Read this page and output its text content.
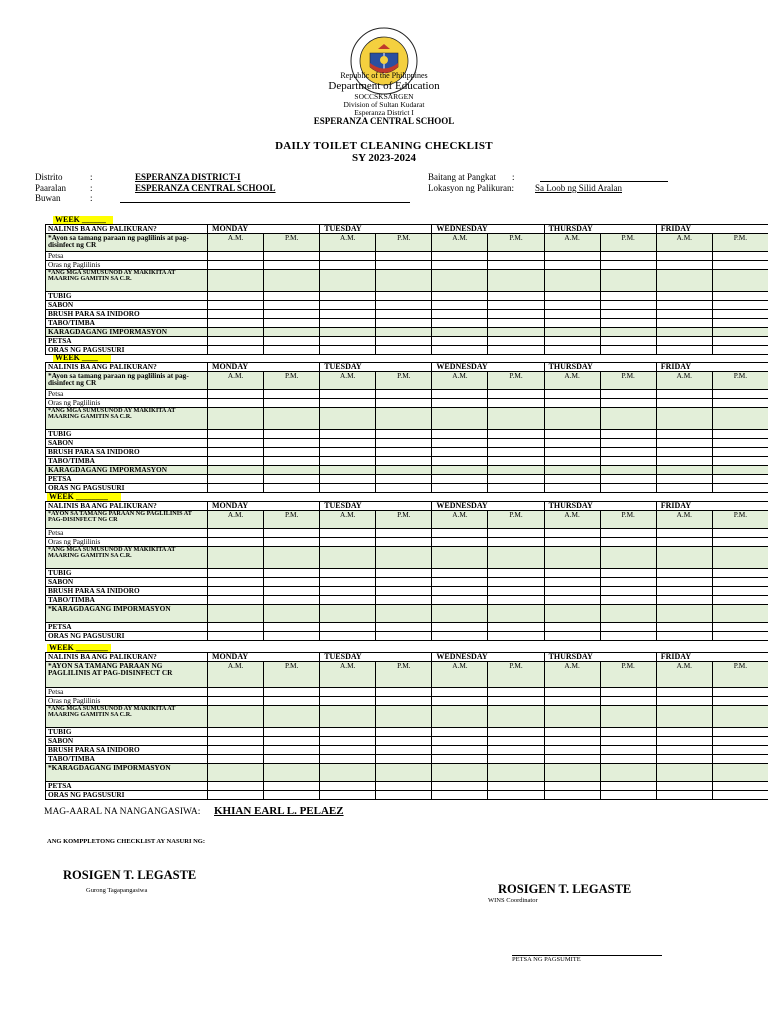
Republic of the Philippines
Department of Education
SOCCSKSARGEN
Division of Sultan Kudarat
Esperanza District I
ESPERANZA CENTRAL SCHOOL
DAILY TOILET CLEANING CHECKLIST
SY 2023-2024
Distrito	:	ESPERANZA DISTRICT-I
Paaralan	:	ESPERANZA CENTRAL SCHOOL
Buwan	:
Baitang at Pangkat :
Lokasyon ng Palikuran: Sa Loob ng Silid Aralan
WEEK ______
WEEK ____
WEEK ________
WEEK ________
NALINIS BA ANG PALIKURAN?	MONDAY		TUESDAY		WEDNESDAY		THURSDAY		FRIDAY	
*Ayon sa tamang paraan ng paglilinis at pag-disinfect ng CR	A.M.	P.M.	A.M.	P.M.	A.M.	P.M.	A.M.	P.M.	A.M.	P.M.
Petsa										
Oras ng Paglilinis										
*ANG MGA SUMUSUNOD AY MAKIKITA AT MAARING GAMITIN SA C.R.										
TUBIG										
SABON										
BRUSH PARA SA INIDORO										
TABO/TIMBA										
KARAGDAGANG IMPORMASYON										
PETSA										
ORAS NG PAGSUSURI										
NALINIS BA ANG PALIKURAN?	MONDAY		TUESDAY		WEDNESDAY		THURSDAY		FRIDAY	
*Ayon sa tamang paraan ng paglilinis at pag-disinfect ng CR	A.M.	P.M.	A.M.	P.M.	A.M.	P.M.	A.M.	P.M.	A.M.	P.M.
Petsa										
Oras ng Paglilinis										
*ANG MGA SUMUSUNOD AY MAKIKITA AT MAARING GAMITIN SA C.R.										
TUBIG										
SABON										
BRUSH PARA SA INIDORO										
TABO/TIMBA										
KARAGDAGANG IMPORMASYON										
PETSA										
ORAS NG PAGSUSURI										
NALINIS BA ANG PALIKURAN?	MONDAY		TUESDAY		WEDNESDAY		THURSDAY		FRIDAY	
*AYON SA TAMANG PARAAN NG PAGLILINIS AT PAG-DISINFECT NG CR	A.M.	P.M.	A.M.	P.M.	A.M.	P.M.	A.M.	P.M.	A.M.	P.M.
Petsa										
Oras ng Paglilinis										
*ANG MGA SUMUSUNOD AY MAKIKITA AT MAARING GAMITIN SA C.R.										
TUBIG										
SABON										
BRUSH PARA SA INIDORO										
TABO/TIMBA										
*KARAGDAGANG IMPORMASYON										
PETSA										
ORAS NG PAGSUSURI										
NALINIS BA ANG PALIKURAN?	MONDAY		TUESDAY		WEDNESDAY		THURSDAY		FRIDAY	
*AYON SA TAMANG PARAAN NG PAGLILINIS AT PAG-DISINFECT CR	A.M.	P.M.	A.M.	P.M.	A.M.	P.M.	A.M.	P.M.	A.M.	P.M.
Petsa										
Oras ng Paglilinis										
*ANG MGA SUMUSUNOD AY MAKIKITA AT MAARING GAMITIN SA C.R.										
TUBIG										
SABON										
BRUSH PARA SA INIDORO										
TABO/TIMBA										
*KARAGDAGANG IMPORMASYON										
PETSA										
ORAS NG PAGSUSURI										
MAG-AARAL NA NANGANGASIWA: KHIAN EARL L. PELAEZ
ANG KOMPPLETONG CHECKLIST AY NASURI NG:
ROSIGEN T. LEGASTE
Gurong Tagapangasiwa	ROSIGEN T. LEGASTE
WINS Coordinator
PETSA NG PAGSUMITE
